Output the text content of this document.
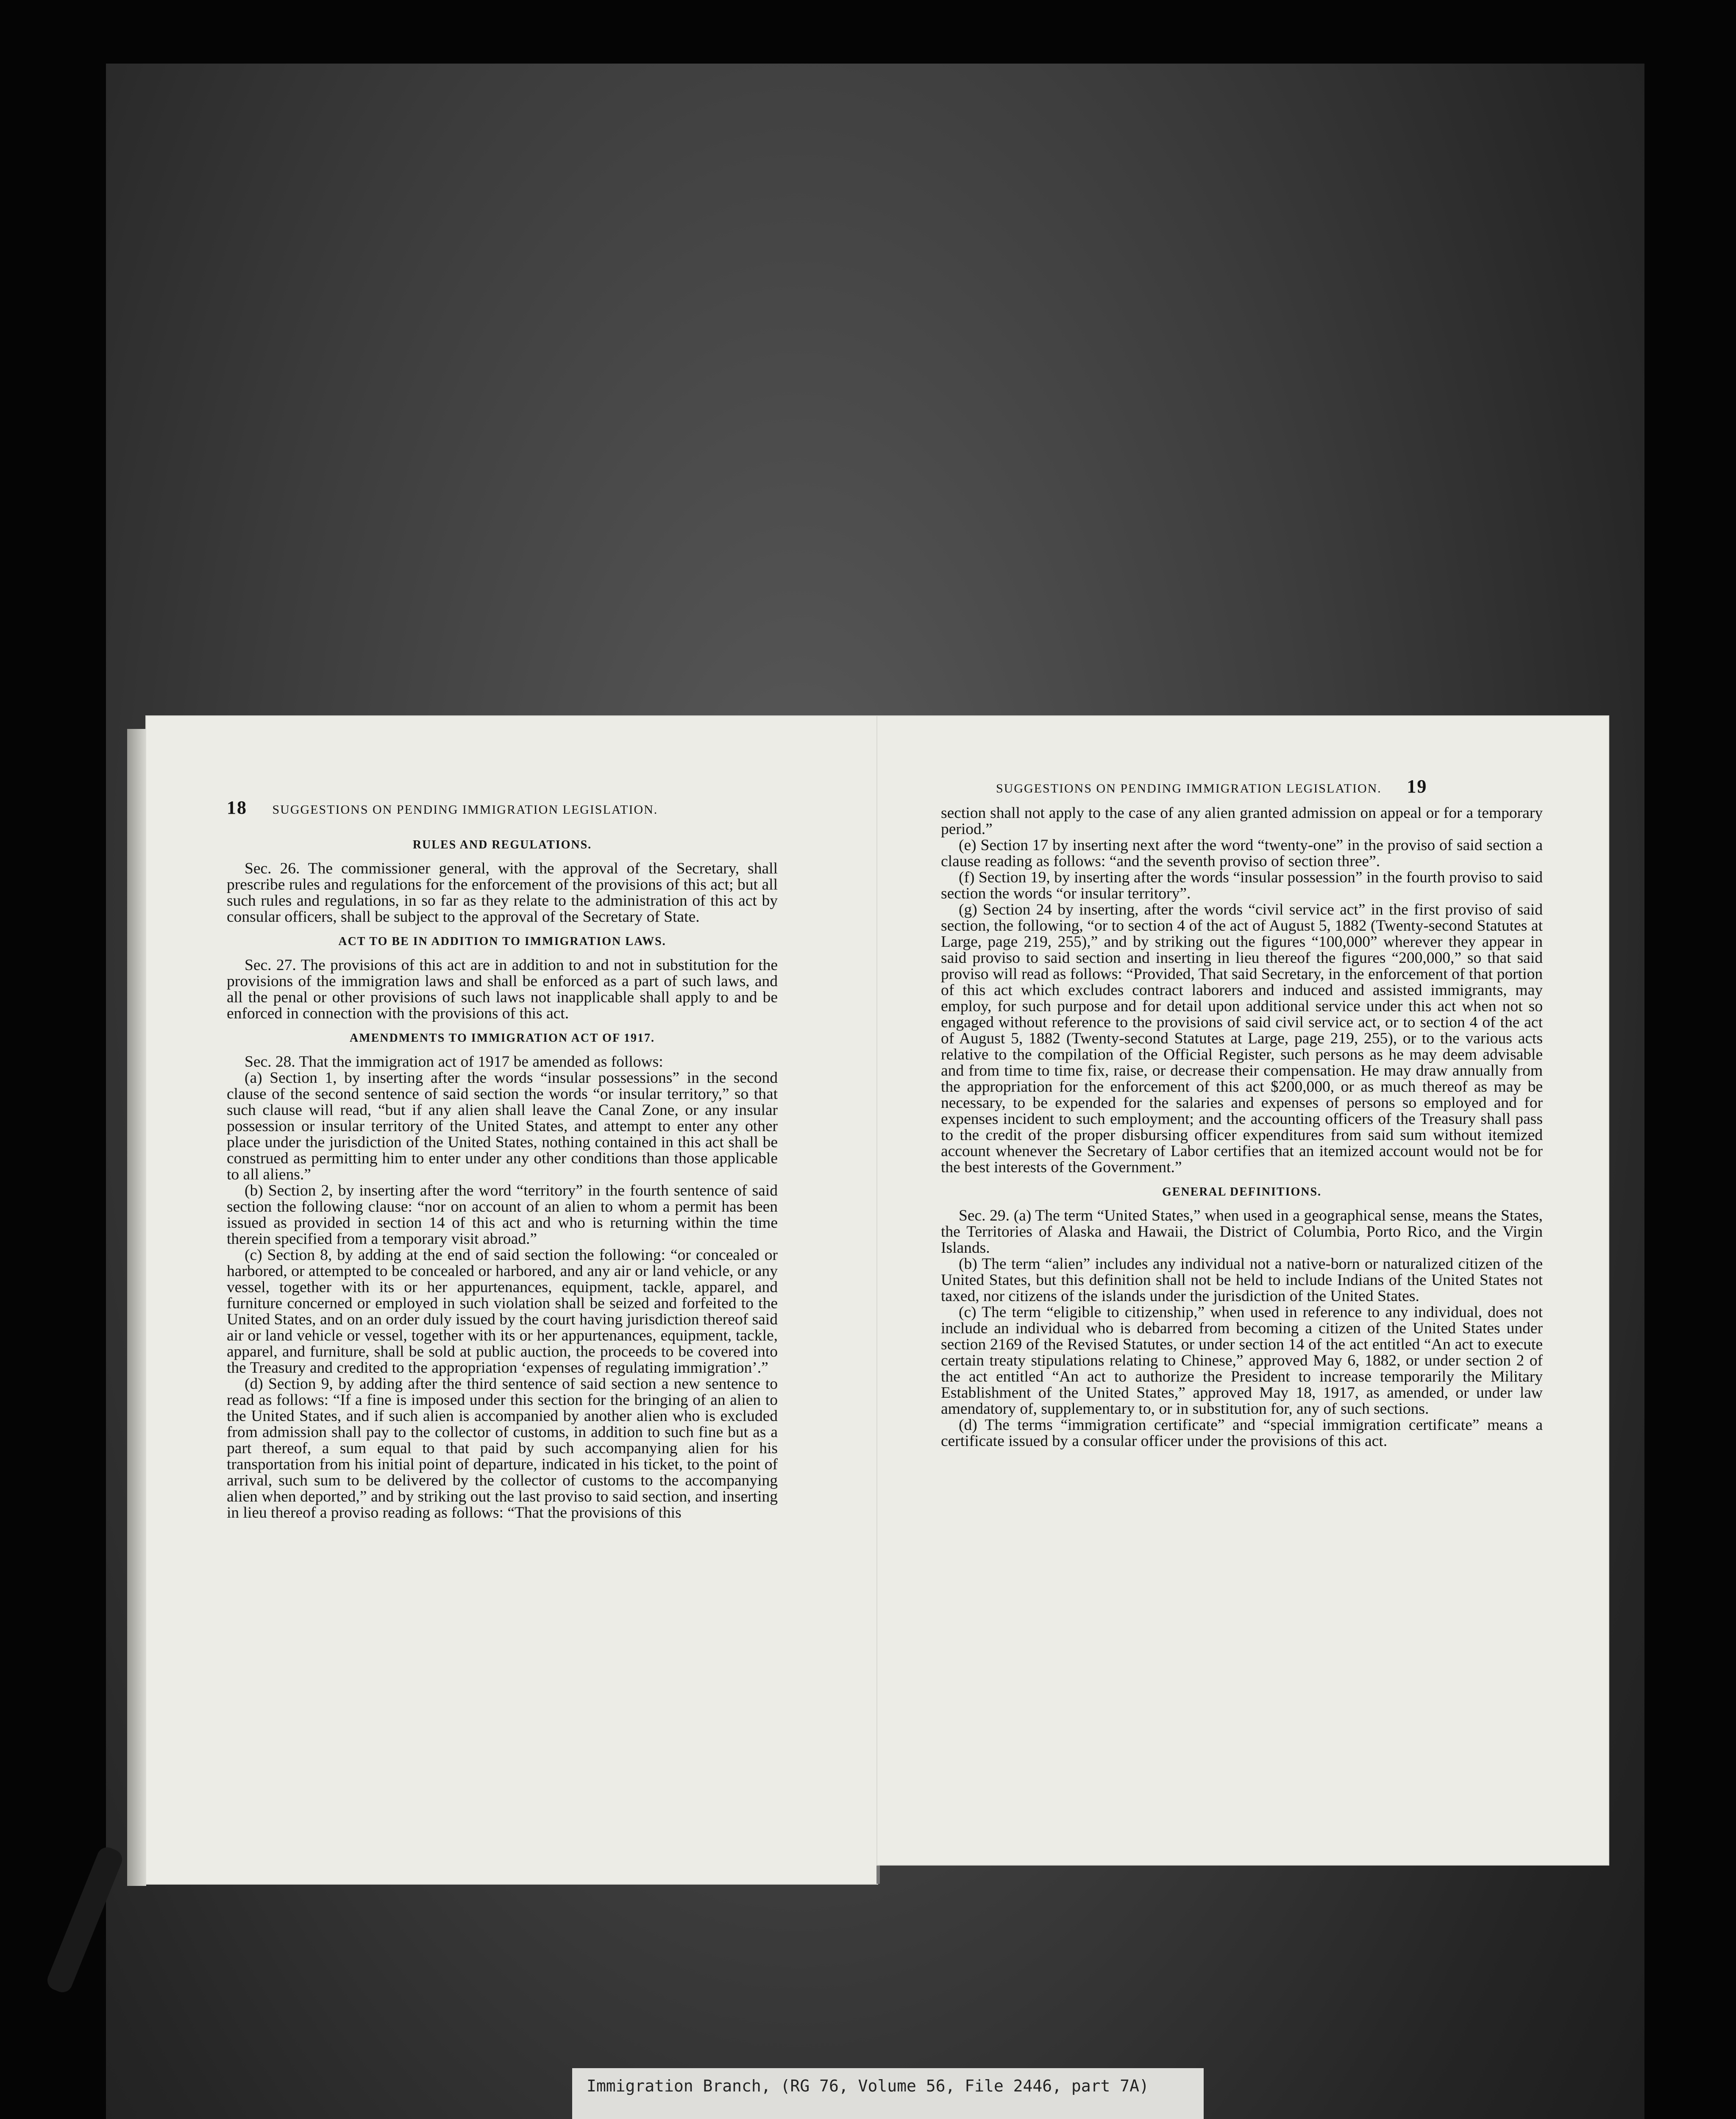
18 SUGGESTIONS ON PENDING IMMIGRATION LEGISLATION.
RULES AND REGULATIONS.

Sec. 26. The commissioner general, with the approval of the Secretary, shall prescribe rules and regulations for the enforcement of the provisions of this act; but all such rules and regulations, in so far as they relate to the administration of this act by consular officers, shall be subject to the approval of the Secretary of State.

ACT TO BE IN ADDITION TO IMMIGRATION LAWS.

Sec. 27. The provisions of this act are in addition to and not in substitution for the provisions of the immigration laws and shall be enforced as a part of such laws, and all the penal or other provisions of such laws not inapplicable shall apply to and be enforced in connection with the provisions of this act.

AMENDMENTS TO IMMIGRATION ACT OF 1917.

Sec. 28. That the immigration act of 1917 be amended as follows:

(a) Section 1, by inserting after the words “insular possessions” in the second clause of the second sentence of said section the words “or insular territory,” so that such clause will read, “but if any alien shall leave the Canal Zone, or any insular possession or insular territory of the United States, and attempt to enter any other place under the jurisdiction of the United States, nothing contained in this act shall be construed as permitting him to enter under any other conditions than those applicable to all aliens.”

(b) Section 2, by inserting after the word “territory” in the fourth sentence of said section the following clause: “nor on account of an alien to whom a permit has been issued as provided in section 14 of this act and who is returning within the time therein specified from a temporary visit abroad.”

(c) Section 8, by adding at the end of said section the following: “or concealed or harbored, or attempted to be concealed or harbored, and any air or land vehicle, or any vessel, together with its or her appurtenances, equipment, tackle, apparel, and furniture concerned or employed in such violation shall be seized and forfeited to the United States, and on an order duly issued by the court having jurisdiction thereof said air or land vehicle or vessel, together with its or her appurtenances, equipment, tackle, apparel, and furniture, shall be sold at public auction, the proceeds to be covered into the Treasury and credited to the appropriation ‘expenses of regulating immigration’.”

(d) Section 9, by adding after the third sentence of said section a new sentence to read as follows: “If a fine is imposed under this section for the bringing of an alien to the United States, and if such alien is accompanied by another alien who is excluded from admission shall pay to the collector of customs, in addition to such fine but as a part thereof, a sum equal to that paid by such accompanying alien for his transportation from his initial point of departure, indicated in his ticket, to the point of arrival, such sum to be delivered by the collector of customs to the accompanying alien when deported,” and by striking out the last proviso to said section, and inserting in lieu thereof a proviso reading as follows: “That the provisions of this

SUGGESTIONS ON PENDING IMMIGRATION LEGISLATION. 19

section shall not apply to the case of any alien granted admission on appeal or for a temporary period.”

(e) Section 17 by inserting next after the word “twenty-one” in the proviso of said section a clause reading as follows: “and the seventh proviso of section three”.

(f) Section 19, by inserting after the words “insular possession” in the fourth proviso to said section the words “or insular territory”.

(g) Section 24 by inserting, after the words “civil service act” in the first proviso of said section, the following, “or to section 4 of the act of August 5, 1882 (Twenty-second Statutes at Large, page 219, 255),” and by striking out the figures “100,000” wherever they appear in said proviso to said section and inserting in lieu thereof the figures “200,000,” so that said proviso will read as follows: “Provided, That said Secretary, in the enforcement of that portion of this act which excludes contract laborers and induced and assisted immigrants, may employ, for such purpose and for detail upon additional service under this act when not so engaged without reference to the provisions of said civil service act, or to section 4 of the act of August 5, 1882 (Twenty-second Statutes at Large, page 219, 255), or to the various acts relative to the compilation of the Official Register, such persons as he may deem advisable and from time to time fix, raise, or decrease their compensation. He may draw annually from the appropriation for the enforcement of this act $200,000, or as much thereof as may be necessary, to be expended for the salaries and expenses of persons so employed and for expenses incident to such employment; and the accounting officers of the Treasury shall pass to the credit of the proper disbursing officer expenditures from said sum without itemized account whenever the Secretary of Labor certifies that an itemized account would not be for the best interests of the Government.”

GENERAL DEFINITIONS.

Sec. 29. (a) The term “United States,” when used in a geographical sense, means the States, the Territories of Alaska and Hawaii, the District of Columbia, Porto Rico, and the Virgin Islands.

(b) The term “alien” includes any individual not a native-born or naturalized citizen of the United States, but this definition shall not be held to include Indians of the United States not taxed, nor citizens of the islands under the jurisdiction of the United States.

(c) The term “eligible to citizenship,” when used in reference to any individual, does not include an individual who is debarred from becoming a citizen of the United States under section 2169 of the Revised Statutes, or under section 14 of the act entitled “An act to execute certain treaty stipulations relating to Chinese,” approved May 6, 1882, or under section 2 of the act entitled “An act to authorize the President to increase temporarily the Military Establishment of the United States,” approved May 18, 1917, as amended, or under law amendatory of, supplementary to, or in substitution for, any of such sections.

(d) The terms “immigration certificate” and “special immigration certificate” means a certificate issued by a consular officer under the provisions of this act.

Immigration Branch, (RG 76, Volume 56, File 2446, part 7A)
